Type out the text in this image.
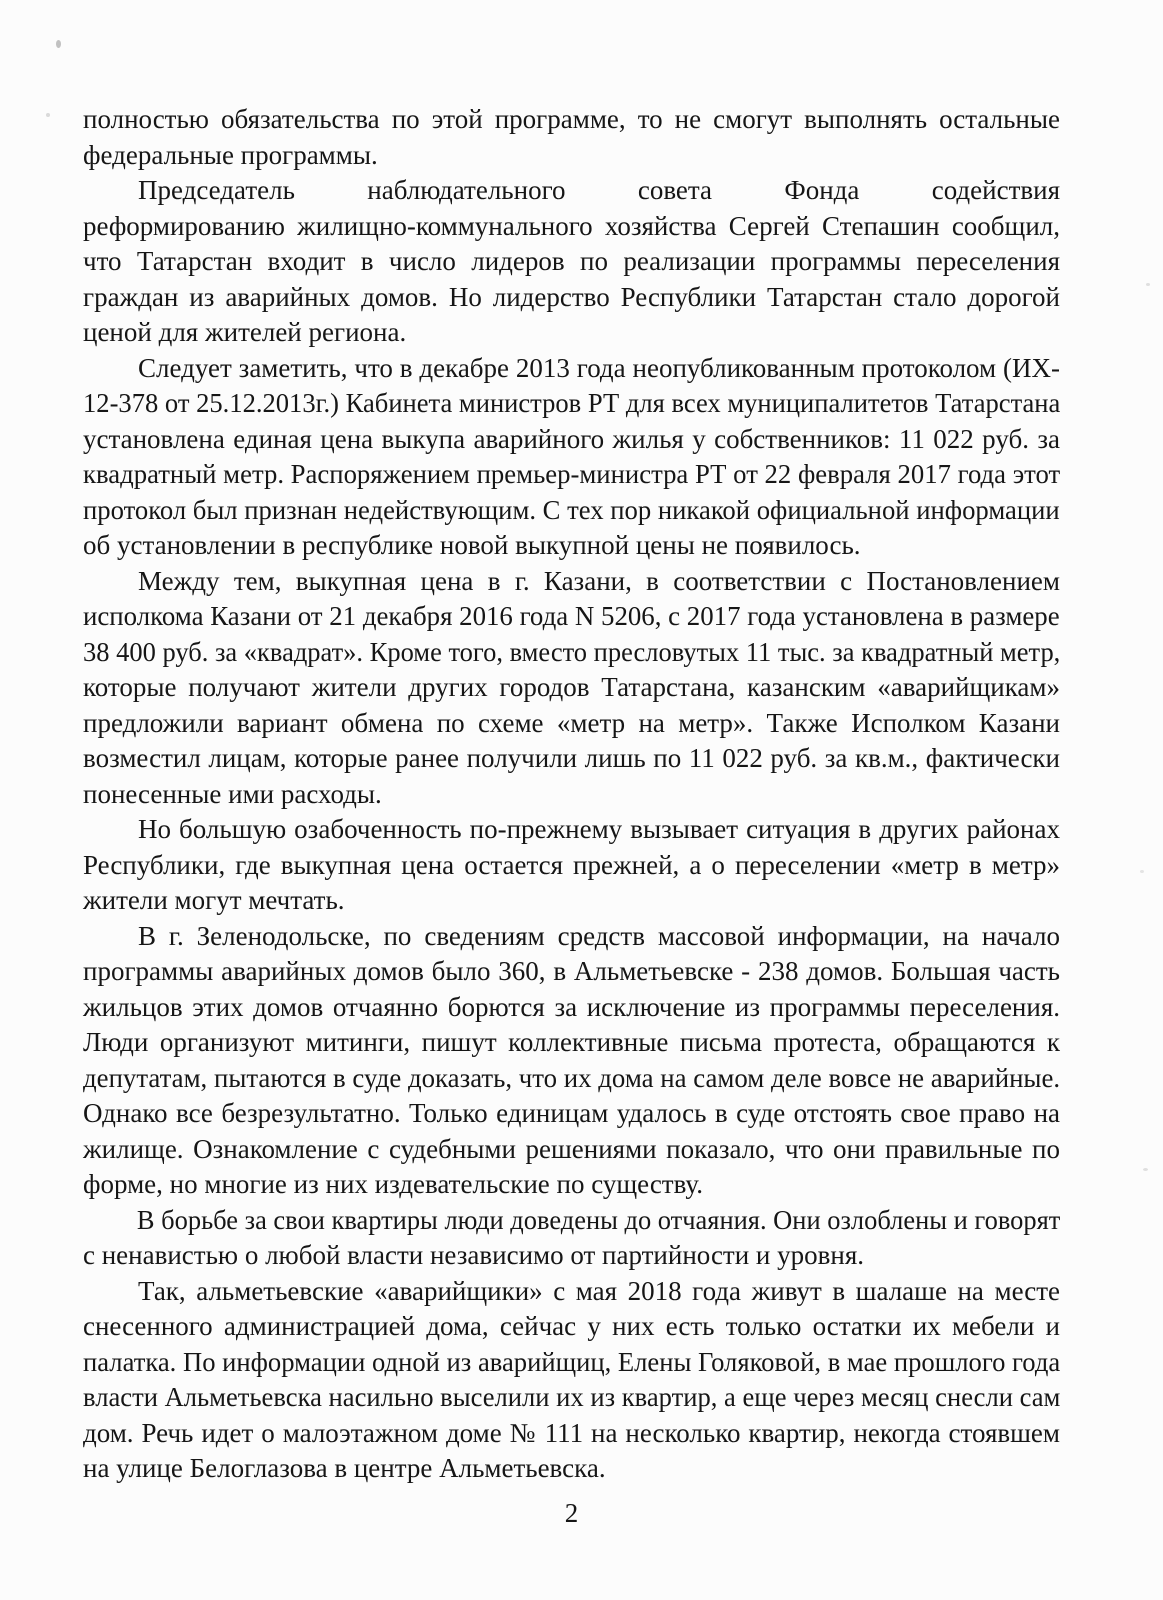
полностью обязательства по этой программе, то не смогут выполнять остальные
федеральные программы.
Председатель наблюдательного совета Фонда содействия
реформированию жилищно-коммунального хозяйства Сергей Степашин сообщил,
что Татарстан входит в число лидеров по реализации программы переселения
граждан из аварийных домов. Но лидерство Республики Татарстан стало дорогой
ценой для жителей региона.
Следует заметить, что в декабре 2013 года неопубликованным протоколом (ИХ-
12-378 от 25.12.2013г.) Кабинета министров РТ для всех муниципалитетов Татарстана
установлена единая цена выкупа аварийного жилья у собственников: 11 022 руб. за
квадратный метр. Распоряжением премьер-министра РТ от 22 февраля 2017 года этот
протокол был признан недействующим. С тех пор никакой официальной информации
об установлении в республике новой выкупной цены не появилось.
Между тем, выкупная цена в г. Казани, в соответствии с Постановлением
исполкома Казани от 21 декабря 2016 года N 5206, с 2017 года установлена в размере
38 400 руб. за «квадрат». Кроме того, вместо пресловутых 11 тыс. за квадратный метр,
которые получают жители других городов Татарстана, казанским «аварийщикам»
предложили вариант обмена по схеме «метр на метр». Также Исполком Казани
возместил лицам, которые ранее получили лишь по 11 022 руб. за кв.м., фактически
понесенные ими расходы.
Но большую озабоченность по-прежнему вызывает ситуация в других районах
Республики, где выкупная цена остается прежней, а о переселении «метр в метр»
жители могут мечтать.
В г. Зеленодольске, по сведениям средств массовой информации, на начало
программы аварийных домов было 360, в Альметьевске - 238 домов. Большая часть
жильцов этих домов отчаянно борются за исключение из программы переселения.
Люди организуют митинги, пишут коллективные письма протеста, обращаются к
депутатам, пытаются в суде доказать, что их дома на самом деле вовсе не аварийные.
Однако все безрезультатно. Только единицам удалось в суде отстоять свое право на
жилище. Ознакомление с судебными решениями показало, что они правильные по
форме, но многие из них издевательские по существу.
В борьбе за свои квартиры люди доведены до отчаяния. Они озлоблены и говорят
с ненавистью о любой власти независимо от партийности и уровня.
Так, альметьевские «аварийщики» с мая 2018 года живут в шалаше на месте
снесенного администрацией дома, сейчас у них есть только остатки их мебели и
палатка. По информации одной из аварийщиц, Елены Голяковой, в мае прошлого года
власти Альметьевска насильно выселили их из квартир, а еще через месяц снесли сам
дом. Речь идет о малоэтажном доме № 111 на несколько квартир, некогда стоявшем
на улице Белоглазова в центре Альметьевска.
2
